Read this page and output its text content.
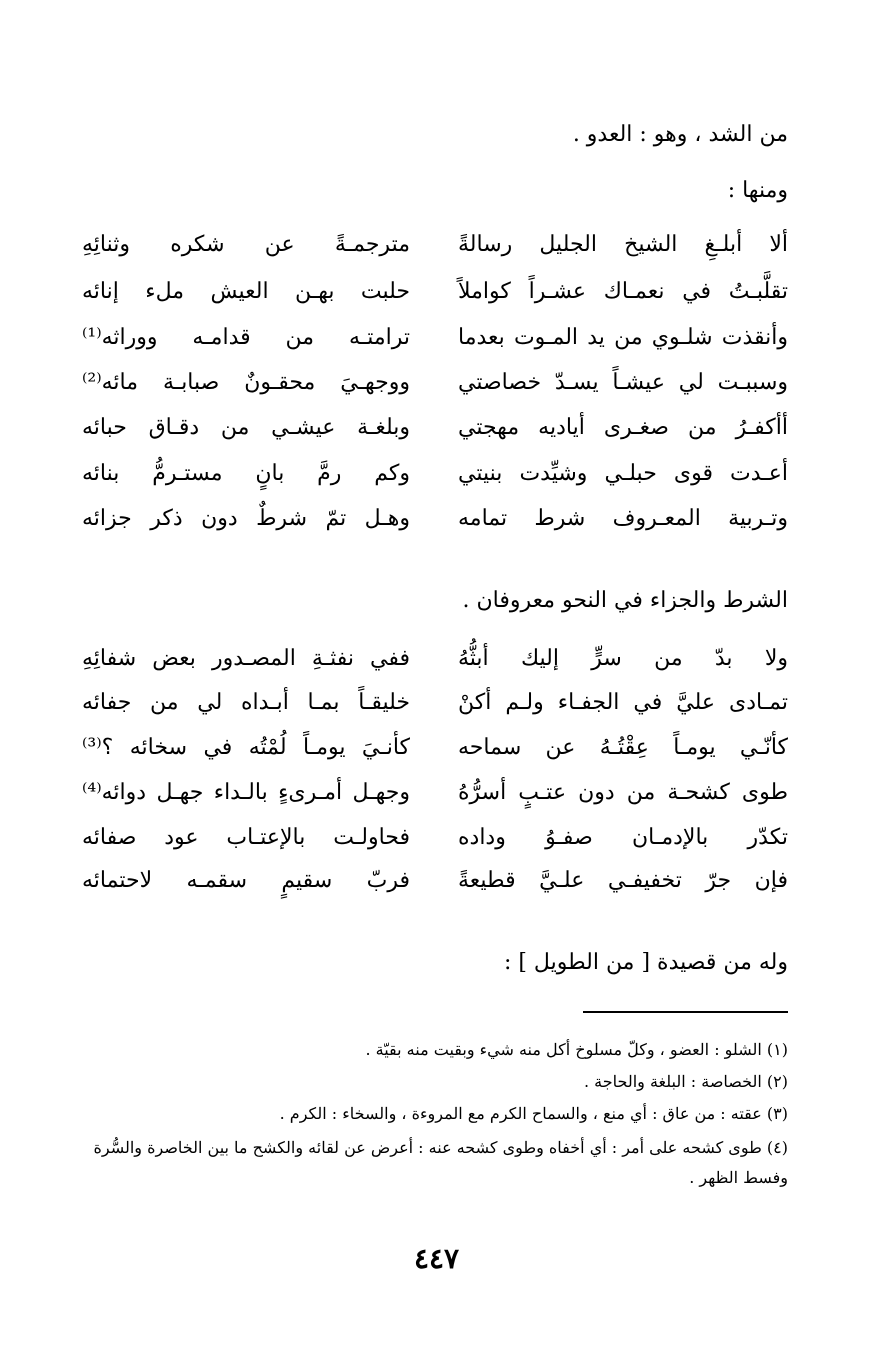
من الشد ، وهو : العدو .
ومنها :
ألا أبلـغِ الشيخ الجليل رسالةً
مترجمـةً عن شكره وثنائِهِ
تقلَّبـتُ في نعمـاك عشـراً كواملاً
حلبت بهـن العيش ملء إنائه
وأنقذت شلـوي من يد المـوت بعدما
ترامتـه من قدامـه ووراثه⁽¹⁾
وسببـت لي عيشـاً يسـدّ خصاصتي
ووجهـيَ محقـونٌ صبابـة مائه⁽²⁾
أأكفـرُ من صغـرى أياديه مهجتي
وبلغـة عيشـي من دقـاق حبائه
أعـدت قوى حبلـي وشيِّدت بنيتي
وكم رمَّ بانٍ مستـرمُّ بنائه
وتـربية المعـروف شرط تمامه
وهـل تمّ شرطٌ دون ذكر جزائه
الشرط والجزاء في النحو معروفان .
ولا بدّ من سرٍّ إليك أبثُّهُ
ففي نفثـةِ المصـدور بعض شفائِهِ
تمـادى عليَّ في الجفـاء ولـم أكنْ
خليقـاً بمـا أبـداه لي من جفائه
كأنّـي يومـاً عِقْتُـهُ عن سماحه
كأنـيَ يومـاً لُمْتُه في سخائه ؟⁽³⁾
طوى كشحـة من دون عتـبٍ أسرُّهُ
وجهـل أمـرىءٍ بالـداء جهـل دوائه⁽⁴⁾
تكدّر بالإدمـان صفـوُ وداده
فحاولـت بالإعتـاب عود صفائه
فإن جرّ تخفيفـي علـيَّ قطيعةً
فربّ سقيمٍ سقمـه لاحتمائه
وله من قصيدة [ من الطويل ] :
(١) الشلو : العضو ، وكلّ مسلوخ أكل منه شيء وبقيت منه بقيّة .
(٢) الخصاصة : البلغة والحاجة .
(٣) عقته : من عاق : أي منع ، والسماح الكرم مع المروءة ، والسخاء : الكرم .
(٤) طوى كشحه على أمر : أي أخفاه وطوى كشحه عنه : أعرض عن لقائه والكشح ما بين الخاصرة والسُّرة وفسط الظهر .
٤٤٧
